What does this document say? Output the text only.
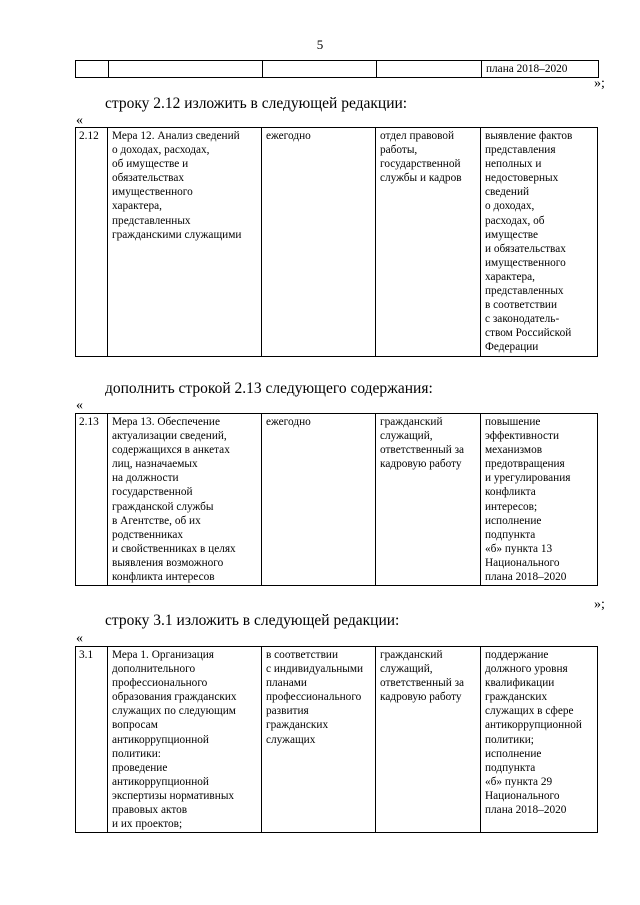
5
				плана 2018–2020
»;
строку 2.12 изложить в следующей редакции:
«
2.12	Мера 12. Анализ сведений
о доходах, расходах,
об имуществе и
обязательствах
имущественного
характера,
представленных
гражданскими служащими	ежегодно	отдел правовой
работы,
государственной
службы и кадров	выявление фактов
представления
неполных и
недостоверных
сведений
о доходах,
расходах, об
имуществе
и обязательствах
имущественного
характера,
представленных
в соответствии
с законодатель-
ством Российской
Федерации
дополнить строкой 2.13 следующего содержания:
«
2.13	Мера 13. Обеспечение
актуализации сведений,
содержащихся в анкетах
лиц, назначаемых
на должности
государственной
гражданской службы
в Агентстве, об их
родственниках
и свойственниках в целях
выявления возможного
конфликта интересов	ежегодно	гражданский
служащий,
ответственный за
кадровую работу	повышение
эффективности
механизмов
предотвращения
и урегулирования
конфликта
интересов;
исполнение
подпункта
«б» пункта 13
Национального
плана 2018–2020
»;
строку 3.1 изложить в следующей редакции:
«
3.1	Мера 1. Организация
дополнительного
профессионального
образования гражданских
служащих по следующим
вопросам
антикоррупционной
политики:
проведение
антикоррупционной
экспертизы нормативных
правовых актов
и их проектов;	в соответствии
с индивидуальными
планами
профессионального
развития
гражданских
служащих	гражданский
служащий,
ответственный за
кадровую работу	поддержание
должного уровня
квалификации
гражданских
служащих в сфере
антикоррупционной
политики;
исполнение
подпункта
«б» пункта 29
Национального
плана 2018–2020
